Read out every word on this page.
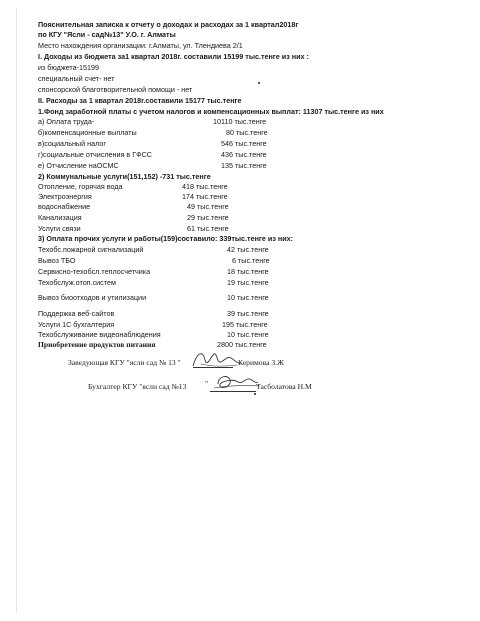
Пояснительная записка к отчету о доходах и расходах за 1 квартал2018г
по КГУ "Ясли - сад№13" У.О. г. Алматы
Место нахождения организации: г.Алматы, ул. Тлендиева 2/1
I. Доходы из бюджета за1 квартал 2018г. составили 15199 тыс.тенге из них :
из бюджета-15199
специальный счет- нет
спонсорской благотворительной помощи - нет
II. Расходы за 1 квартал 2018г.составили 15177 тыс.тенге
1.Фонд заработной платы с учетом налогов и компенсационных выплат: 11307 тыс.тенге из них
а) Оплата труда-	10110 тыс.тенге
б)компенсационные выплаты	80 тыс.тенге
в)социальный налог	546 тыс.тенге
г)социальные отчисления в ГФСС	436 тыс.тенге
е) Отчисление наОСМС	135 тыс.тенге
2) Коммунальные услуги(151,152) -731 тыс.тенге
Отопление, горячая вода	418 тыс.тенге
Электроэнергия	174 тыс.тенге
водоснабжение	49 тыс.тенге
Канализация	29 тыс.тенге
Услуги связи	61 тыс.тенге
3) Оплата прочих услуги и работы(159)составило: 339тыс.тенге из них:
Техобс.пожарной сигнализаций	42 тыс.тенге
Вывоз ТБО	6 тыс.тенге
Сервисно-техобсл.теплосчетчика	18 тыс.тенге
Техобслуж.отоп.систем	19 тыс.тенге
Вывоз биоотходов и утилизации	10 тыс.тенге
Поддержка веб-сайтов	39 тыс.тенге
Услуги 1С бухгалтерия	195 тыс.тенге
Техобслуживание видеонаблюдения	10 тыс.тенге
Приобретение продуктов питания	2800 тыс.тенге
Заведующая КГУ "ясли сад № 13 "	Керимова З.Ж
Бухгалтер КГУ "ясли сад №13 "	Тасболатова Н.М
